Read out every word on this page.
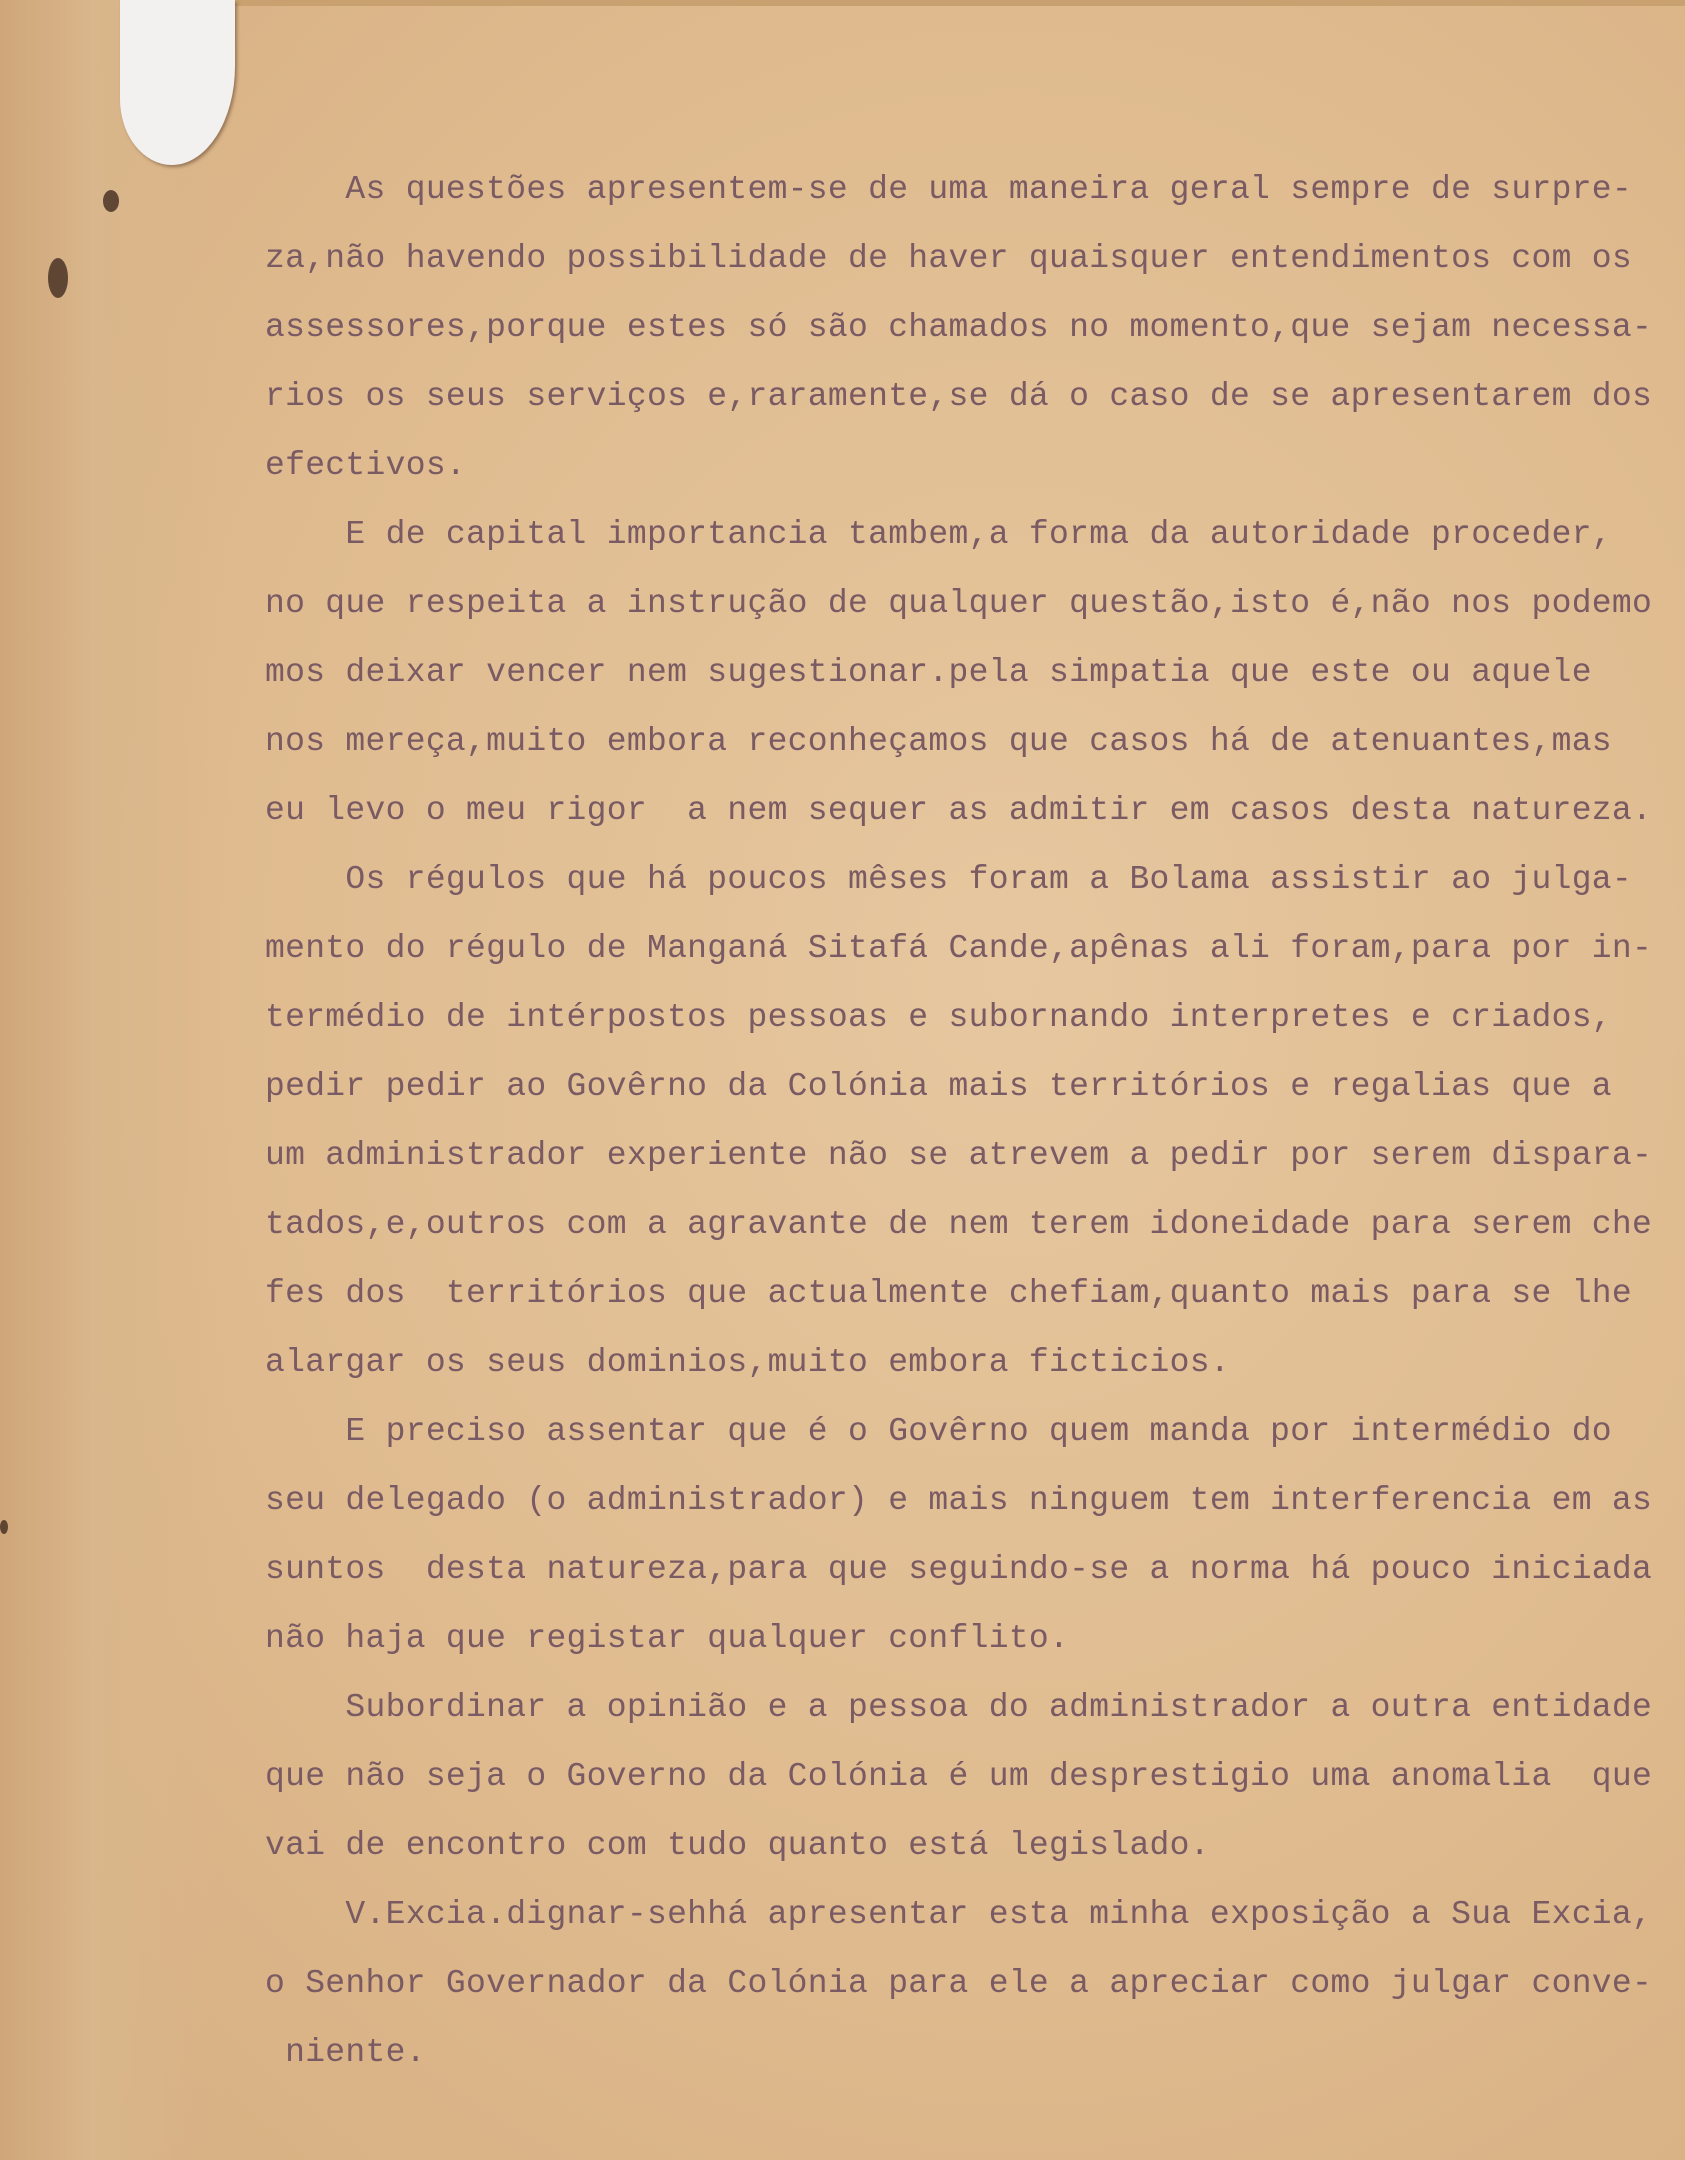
As questões apresentem-se de uma maneira geral sempre de surpre-
za,não havendo possibilidade de haver quaisquer entendimentos com os
assessores,porque estes só são chamados no momento,que sejam necessa-
rios os seus serviços e,raramente,se dá o caso de se apresentarem dos
efectivos.
E de capital importancia tambem,a forma da autoridade proceder,
no que respeita a instrução de qualquer questão,isto é,não nos podemo
mos deixar vencer nem sugestionar.pela simpatia que este ou aquele
nos mereça,muito embora reconheçamos que casos há de atenuantes,mas
eu levo o meu rigor  a nem sequer as admitir em casos desta natureza.
Os régulos que há poucos mêses foram a Bolama assistir ao julga-
mento do régulo de Manganá Sitafá Cande,apênas ali foram,para por in-
termédio de intérpostos pessoas e subornando interpretes e criados,
pedir pedir ao Govêrno da Colónia mais territórios e regalias que a
um administrador experiente não se atrevem a pedir por serem dispara-
tados,e,outros com a agravante de nem terem idoneidade para serem che
fes dos  territórios que actualmente chefiam,quanto mais para se lhe
alargar os seus dominios,muito embora ficticios.
E preciso assentar que é o Govêrno quem manda por intermédio do
seu delegado (o administrador) e mais ninguem tem interferencia em as
suntos  desta natureza,para que seguindo-se a norma há pouco iniciada
não haja que registar qualquer conflito.
Subordinar a opinião e a pessoa do administrador a outra entidade
que não seja o Governo da Colónia é um desprestigio uma anomalia  que
vai de encontro com tudo quanto está legislado.
V.Excia.dignar-sehhá apresentar esta minha exposição a Sua Excia,
o Senhor Governador da Colónia para ele a apreciar como julgar conve-
niente.
